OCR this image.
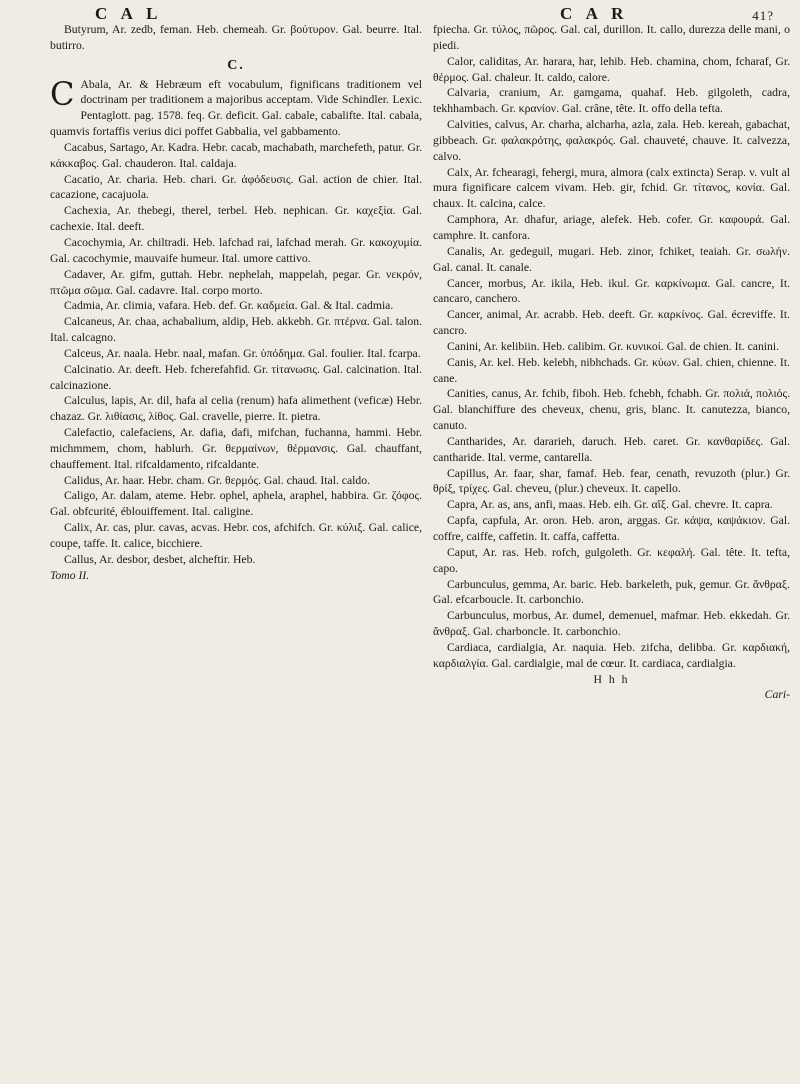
C A L	C A R	41?

Butyrum, Ar. zedb, feman. Heb. chemeah. Gr. βούτυρον. Gal. beurre. Ital. butirro.

C.

C Abala, Ar. & Hebræum eft vocabulum, fignificans traditionem vel doctrinam per traditionem a majoribus acceptam. Vide Schindler. Lexic. Pentaglott. pag. 1578. feq. Gr. deficit. Gal. cabale, cabalifte. Ital. cabala, quamvis fortaffis verius dici poffet Gabbalia, vel gabbamento.

Cacabus, Sartago, Ar. Kadra. Hebr. cacab, machabath, marchefeth, patur. Gr. κάκκαβος. Gal. chauderon. Ital. caldaja.

Cacatio, Ar. charia. Heb. chari. Gr. ἀφόδευσις. Gal. action de chier. Ital. cacazione, cacajuola.

Cachexia, Ar. thebegi, therel, terbel. Heb. nephican. Gr. καχεξία. Gal. cachexie. Ital. deeft.

Cacochymia, Ar. chiltradi. Heb. lafchad rai, lafchad merah. Gr. κακοχυμία. Gal. cacochymie, mauvaife humeur. Ital. umore cattivo.

Cadaver, Ar. gifm, guttah. Hebr. nephelah, mappelah, pegar. Gr. νεκρόν, πτῶμα σῶμα. Gal. cadavre. Ital. corpo morto.

Cadmia, Ar. climia, vafara. Heb. def. Gr. καδμεία. Gal. & Ital. cadmia.

Calcaneus, Ar. chaa, achabalium, aldip, Heb. akkebh. Gr. πτέρνα. Gal. talon. Ital. calcagno.

Calceus, Ar. naala. Hebr. naal, mafan. Gr. ὑπόδημα. Gal. foulier. Ital. fcarpa.

Calcinatio. Ar. deeft. Heb. fcherefahfid. Gr. τίτανωσις. Gal. calcination. Ital. calcinazione.

Calculus, lapis, Ar. dil, hafa al celia (renum) hafa alimethent (veficæ) Hebr. chazaz. Gr. λιθίασις, λίθος. Gal. cravelle, pierre. It. pietra.

Calefactio, calefaciens, Ar. dafia, dafi, mifchan, fuchanna, hammi. Hebr. michmmem, chom, hablurh. Gr. θερμαίνων, θέρμανσις. Gal. chauffant, chauffement. Ital. rifcaldamento, rifcaldante.

Calidus, Ar. haar. Hebr. cham. Gr. θερμός. Gal. chaud. Ital. caldo.

Caligo, Ar. dalam, ateme. Hebr. ophel, aphela, araphel, habbira. Gr. ζόφος. Gal. obfcurité, éblouiffement. Ital. caligine.

Calix, Ar. cas, plur. cavas, acvas. Hebr. cos, afchifch. Gr. κύλιξ. Gal. calice, coupe, taffe. It. calice, bicchiere.

Callus, Ar. desbor, desbet, alcheftir. Heb.

Tomo II.

fpiecha. Gr. τύλος, πῶρος. Gal. cal, durillon. It. callo, durezza delle mani, o piedi.

Calor, caliditas, Ar. harara, har, lehib. Heb. chamina, chom, fcharaf, Gr. θέρμος. Gal. chaleur. It. caldo, calore.

Calvaria, cranium, Ar. gamgama, quahaf. Heb. gilgoleth, cadra, tekhhambach. Gr. κρανίον. Gal. crâne, tête. It. offo della tefta.

Calvities, calvus, Ar. charha, alcharha, azla, zala. Heb. kereah, gabachat, gibbeach. Gr. φαλακρότης, φαλακρός. Gal. chauveté, chauve. It. calvezza, calvo.

Calx, Ar. fchearagi, fehergi, mura, almora (calx extincta) Serap. v. vult al mura fignificare calcem vivam. Heb. gir, fchid. Gr. τίτανος, κονία. Gal. chaux. It. calcina, calce.

Camphora, Ar. dhafur, ariage, alefek. Heb. cofer. Gr. καφουρά. Gal. camphre. It. canfora.

Canalis, Ar. gedeguil, mugari. Heb. zinor, fchiket, teaiah. Gr. σωλήν. Gal. canal. It. canale.

Cancer, morbus, Ar. ikila, Heb. ikul. Gr. καρκίνωμα. Gal. cancre, It. cancaro, canchero.

Cancer, animal, Ar. acrabb. Heb. deeft. Gr. καρκίνος. Gal. écreviffe. It. cancro.

Canini, Ar. kelibiin. Heb. calibim. Gr. κυνικοί. Gal. de chien. It. canini.

Canis, Ar. kel. Heb. kelebh, nibhchads. Gr. κύων. Gal. chien, chienne. It. cane.

Canities, canus, Ar. fchib, fiboh. Heb. fchebh, fchabh. Gr. πολιά, πολιός. Gal. blanchiffure des cheveux, chenu, gris, blanc. It. canutezza, bianco, canuto.

Cantharides, Ar. dararieh, daruch. Heb. caret. Gr. κανθαρίδες. Gal. cantharide. Ital. verme, cantarella.

Capillus, Ar. faar, shar, famaf. Heb. fear, cenath, revuzoth (plur.) Gr. θρίξ, τρίχες. Gal. cheveu, (plur.) cheveux. It. capello.

Capra, Ar. as, ans, anfi, maas. Heb. eih. Gr. αἴξ. Gal. chevre. It. capra.

Capfa, capfula, Ar. oron. Heb. aron, arggas. Gr. κάψα, καψάκιον. Gal. coffre, caiffe, caffetin. It. caffa, caffetta.

Caput, Ar. ras. Heb. rofch, gulgoleth. Gr. κεφαλή. Gal. tête. It. tefta, capo.

Carbunculus, gemma, Ar. baric. Heb. barkeleth, puk, gemur. Gr. ἄνθραξ. Gal. efcarboucle. It. carbonchio.

Carbunculus, morbus, Ar. dumel, demenuel, mafmar. Heb. ekkedah. Gr. ἄνθραξ. Gal. charboncle. It. carbonchio.

Cardiaca, cardialgia, Ar. naquia. Heb. zifcha, delibba. Gr. καρδιακή, καρδιαλγία. Gal. cardialgie, mal de cœur. It. cardiaca, cardialgia.

H h h
Cari-
